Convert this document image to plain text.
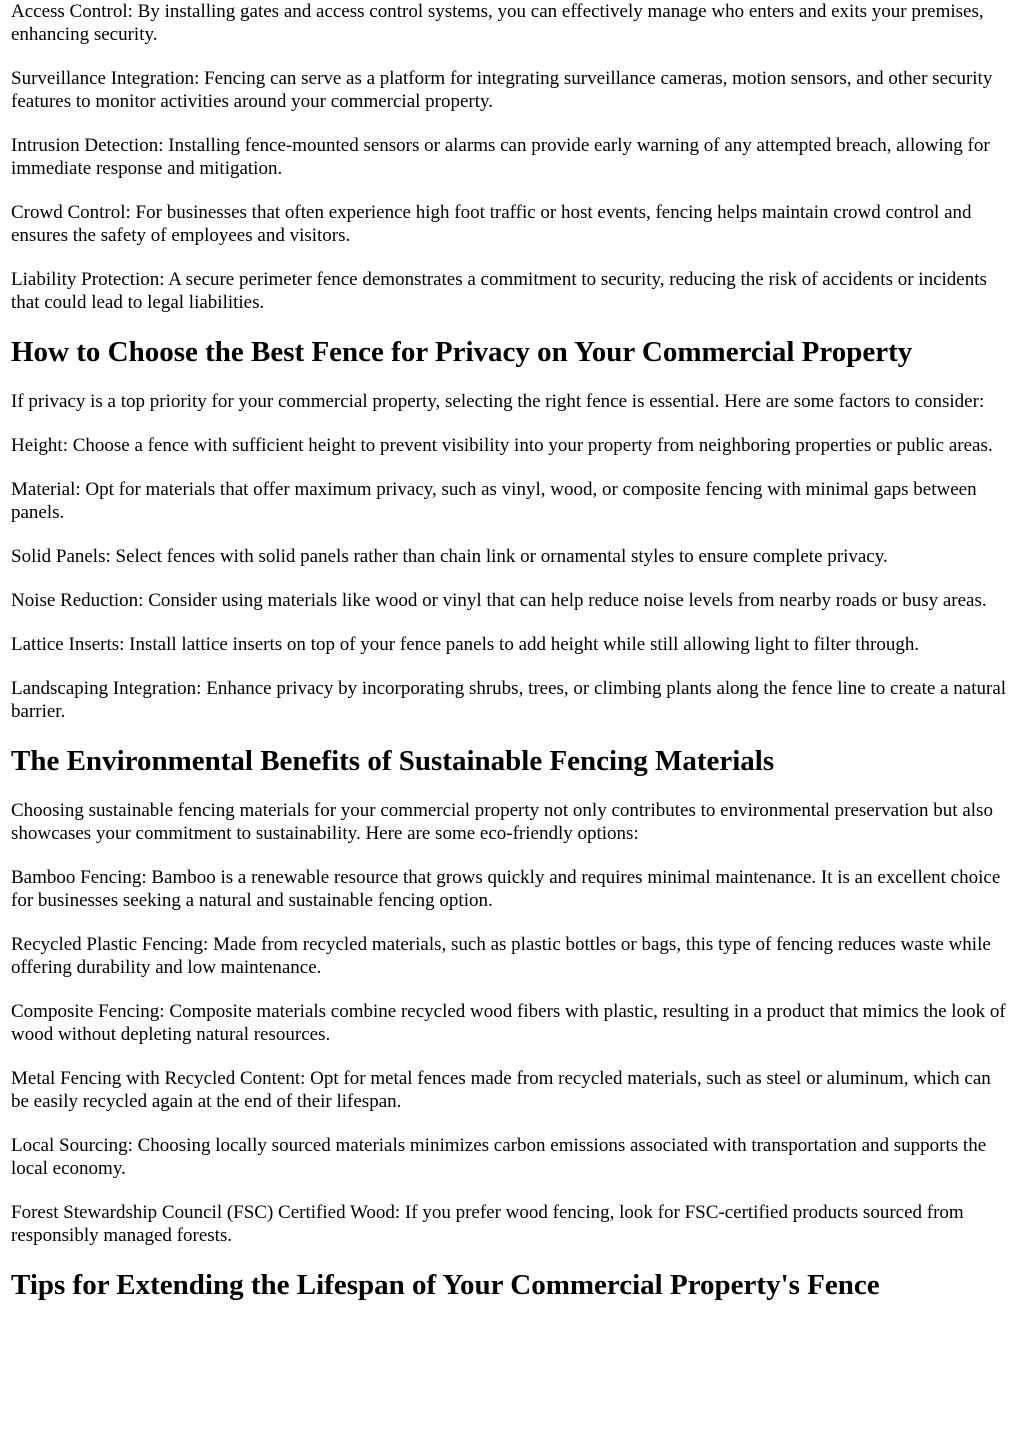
Access Control: By installing gates and access control systems, you can effectively manage who enters and exits your premises, enhancing security.

Surveillance Integration: Fencing can serve as a platform for integrating surveillance cameras, motion sensors, and other security features to monitor activities around your commercial property.

Intrusion Detection: Installing fence-mounted sensors or alarms can provide early warning of any attempted breach, allowing for immediate response and mitigation.

Crowd Control: For businesses that often experience high foot traffic or host events, fencing helps maintain crowd control and ensures the safety of employees and visitors.

Liability Protection: A secure perimeter fence demonstrates a commitment to security, reducing the risk of accidents or incidents that could lead to legal liabilities.

How to Choose the Best Fence for Privacy on Your Commercial Property

If privacy is a top priority for your commercial property, selecting the right fence is essential. Here are some factors to consider:

Height: Choose a fence with sufficient height to prevent visibility into your property from neighboring properties or public areas.

Material: Opt for materials that offer maximum privacy, such as vinyl, wood, or composite fencing with minimal gaps between panels.

Solid Panels: Select fences with solid panels rather than chain link or ornamental styles to ensure complete privacy.

Noise Reduction: Consider using materials like wood or vinyl that can help reduce noise levels from nearby roads or busy areas.

Lattice Inserts: Install lattice inserts on top of your fence panels to add height while still allowing light to filter through.

Landscaping Integration: Enhance privacy by incorporating shrubs, trees, or climbing plants along the fence line to create a natural barrier.

The Environmental Benefits of Sustainable Fencing Materials

Choosing sustainable fencing materials for your commercial property not only contributes to environmental preservation but also showcases your commitment to sustainability. Here are some eco-friendly options:

Bamboo Fencing: Bamboo is a renewable resource that grows quickly and requires minimal maintenance. It is an excellent choice for businesses seeking a natural and sustainable fencing option.

Recycled Plastic Fencing: Made from recycled materials, such as plastic bottles or bags, this type of fencing reduces waste while offering durability and low maintenance.

Composite Fencing: Composite materials combine recycled wood fibers with plastic, resulting in a product that mimics the look of wood without depleting natural resources.

Metal Fencing with Recycled Content: Opt for metal fences made from recycled materials, such as steel or aluminum, which can be easily recycled again at the end of their lifespan.

Local Sourcing: Choosing locally sourced materials minimizes carbon emissions associated with transportation and supports the local economy.

Forest Stewardship Council (FSC) Certified Wood: If you prefer wood fencing, look for FSC-certified products sourced from responsibly managed forests.

Tips for Extending the Lifespan of Your Commercial Property's Fence
